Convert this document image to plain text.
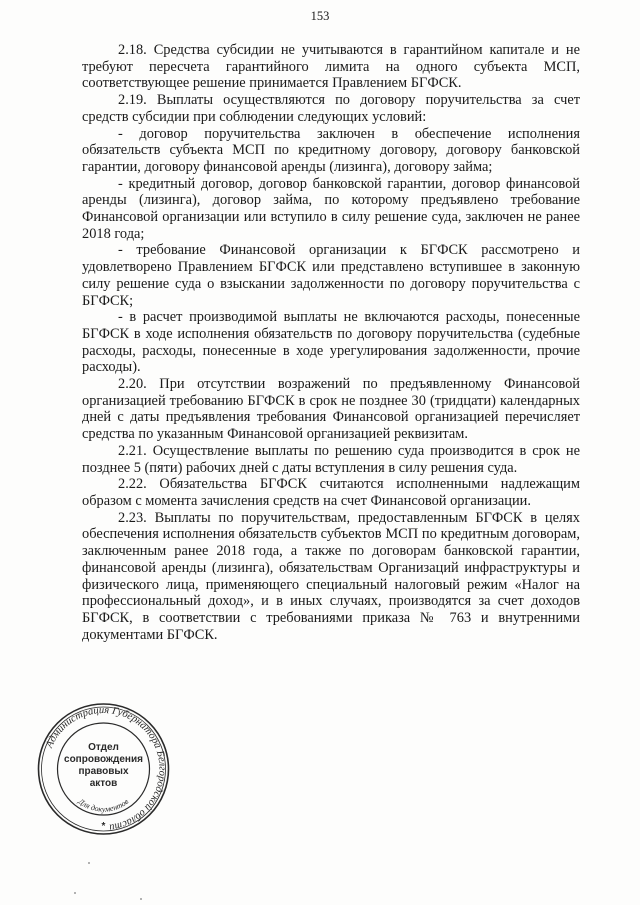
153

2.18. Средства субсидии не учитываются в гарантийном капитале и не требуют пересчета гарантийного лимита на одного субъекта МСП, соответствующее решение принимается Правлением БГФСК.

2.19. Выплаты осуществляются по договору поручительства за счет средств субсидии при соблюдении следующих условий:

- договор поручительства заключен в обеспечение исполнения обязательств субъекта МСП по кредитному договору, договору банковской гарантии, договору финансовой аренды (лизинга), договору займа;

- кредитный договор, договор банковской гарантии, договор финансовой аренды (лизинга), договор займа, по которому предъявлено требование Финансовой организации или вступило в силу решение суда, заключен не ранее 2018 года;

- требование Финансовой организации к БГФСК рассмотрено и удовлетворено Правлением БГФСК или представлено вступившее в законную силу решение суда о взыскании задолженности по договору поручительства с БГФСК;

- в расчет производимой выплаты не включаются расходы, понесенные БГФСК в ходе исполнения обязательств по договору поручительства (судебные расходы, расходы, понесенные в ходе урегулирования задолженности, прочие расходы).

2.20. При отсутствии возражений по предъявленному Финансовой организацией требованию БГФСК в срок не позднее 30 (тридцати) календарных дней с даты предъявления требования Финансовой организацией перечисляет средства по указанным Финансовой организацией реквизитам.

2.21. Осуществление выплаты по решению суда производится в срок не позднее 5 (пяти) рабочих дней с даты вступления в силу решения суда.

2.22. Обязательства БГФСК считаются исполненными надлежащим образом с момента зачисления средств на счет Финансовой организации.

2.23. Выплаты по поручительствам, предоставленным БГФСК в целях обеспечения исполнения обязательств субъектов МСП по кредитным договорам, заключенным ранее 2018 года, а также по договорам банковской гарантии, финансовой аренды (лизинга), обязательствам Организаций инфраструктуры и физического лица, применяющего специальный налоговый режим «Налог на профессиональный доход», и в иных случаях, производятся за счет доходов БГФСК, в соответствии с требованиями приказа № 763 и внутренними документами БГФСК.

Администрация Губернатора Белгородской области
Для документов
Отдел
сопровождения
правовых
актов
*
